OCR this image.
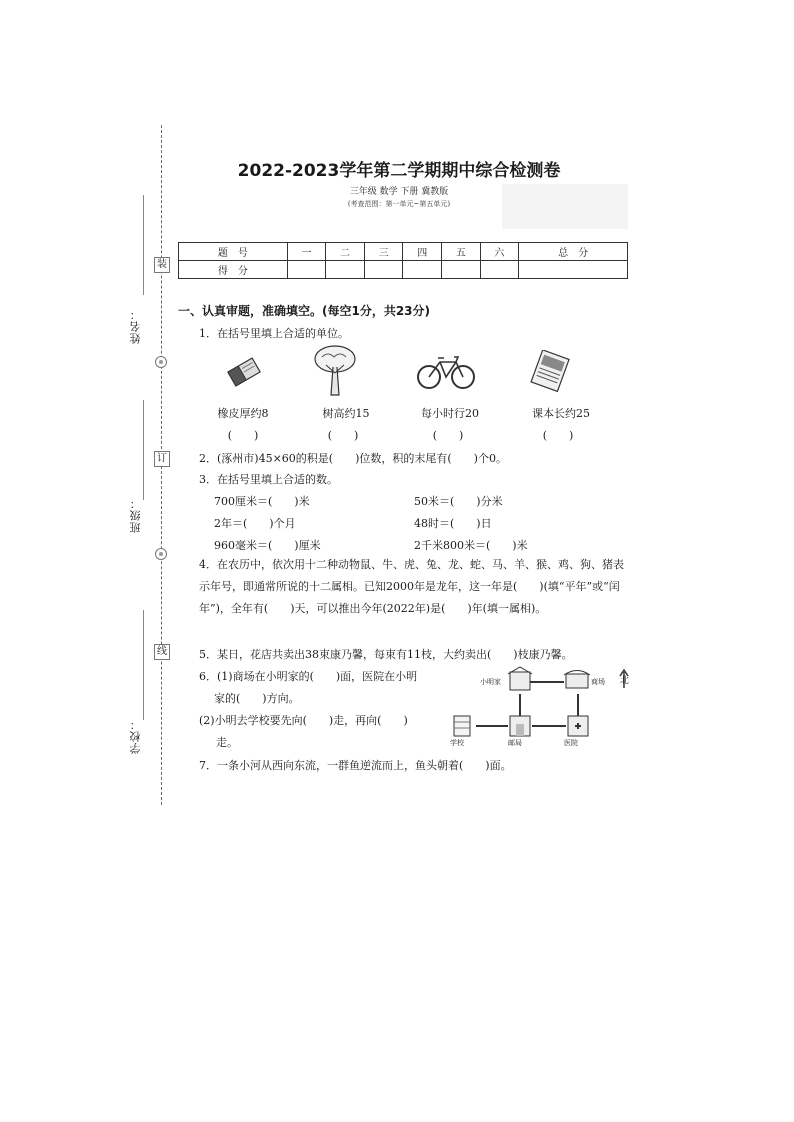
姓名：
班级：
学校：
装
订
线
2022-2023学年第二学期期中综合检测卷
三年级 数学 下册 冀教版
(考查范围：第一单元~第五单元)
题　号	一	二	三	四	五	六	总　分
得　分							
一、认真审题，准确填空。(每空1分，共23分)
1．在括号里填上合适的单位。
橡皮厚约8	树高约15	每小时行20	课本长约25
(　　)	(　　)	(　　)	(　　)
2．(涿州市)45×60的积是(　　)位数，积的末尾有(　　)个0。
3．在括号里填上合适的数。
700厘米＝(　　)米	50米＝(　　)分米
2年＝(　　)个月	48时＝(　　)日
960毫米＝(　　)厘米	2千米800米＝(　　)米
4．在农历中，依次用十二种动物鼠、牛、虎、兔、龙、蛇、马、羊、猴、鸡、狗、猪表示年号，即通常所说的十二属相。已知2000年是龙年，这一年是(　　)(填“平年”或“闰年”)，全年有(　　)天，可以推出今年(2022年)是(　　)年(填一属相)。
5．某日，花店共卖出38束康乃馨，每束有11枝，大约卖出(　　)枝康乃馨。
6．(1)商场在小明家的(　　)面，医院在小明
家的(　　)方向。
(2)小明去学校要先向(　　)走，再向(　　)
走。
小明家	商场 北
学校	邮局	医院
7．一条小河从西向东流，一群鱼逆流而上，鱼头朝着(　　)面。
